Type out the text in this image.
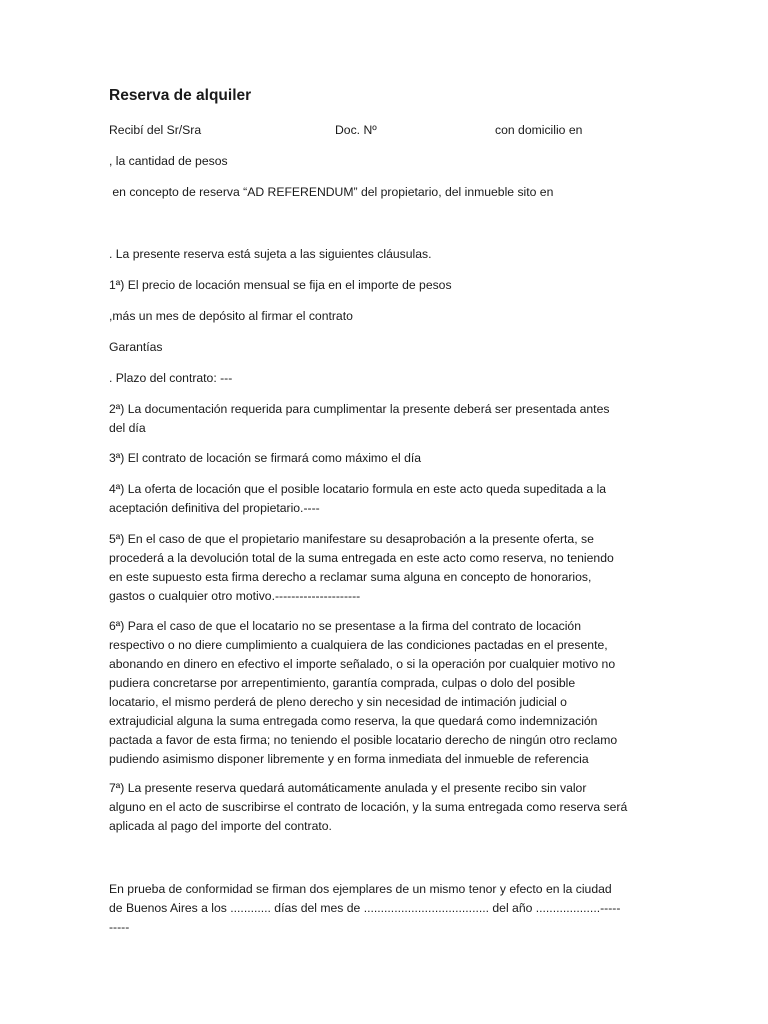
Reserva de alquiler
Recibí del Sr/Sra	Doc. Nº	con domicilio en
, la cantidad de pesos
en concepto de reserva “AD REFERENDUM” del propietario, del inmueble sito en
. La presente reserva está sujeta a las siguientes cláusulas.
1ª) El precio de locación mensual se fija en el importe de pesos
,más un mes de depósito al firmar el contrato
Garantías
. Plazo del contrato: ---
2ª) La documentación requerida para cumplimentar la presente deberá ser presentada antes
del día
3ª) El contrato de locación se firmará como máximo el día
4ª) La oferta de locación que el posible locatario formula en este acto queda supeditada a la
aceptación definitiva del propietario.----
5ª) En el caso de que el propietario manifestare su desaprobación a la presente oferta, se
procederá a la devolución total de la suma entregada en este acto como reserva, no teniendo
en este supuesto esta firma derecho a reclamar suma alguna en concepto de honorarios,
gastos o cualquier otro motivo.---------------------
6ª) Para el caso de que el locatario no se presentase a la firma del contrato de locación
respectivo o no diere cumplimiento a cualquiera de las condiciones pactadas en el presente,
abonando en dinero en efectivo el importe señalado, o si la operación por cualquier motivo no
pudiera concretarse por arrepentimiento, garantía comprada, culpas o dolo del posible
locatario, el mismo perderá de pleno derecho y sin necesidad de intimación judicial o
extrajudicial alguna la suma entregada como reserva, la que quedará como indemnización
pactada a favor de esta firma; no teniendo el posible locatario derecho de ningún otro reclamo
pudiendo asimismo disponer libremente y en forma inmediata del inmueble de referencia
7ª) La presente reserva quedará automáticamente anulada y el presente recibo sin valor
alguno en el acto de suscribirse el contrato de locación, y la suma entregada como reserva será
aplicada al pago del importe del contrato.
En prueba de conformidad se firman dos ejemplares de un mismo tenor y efecto en la ciudad
de Buenos Aires a los ............ días del mes de ..................................... del año ...................-----
-----
